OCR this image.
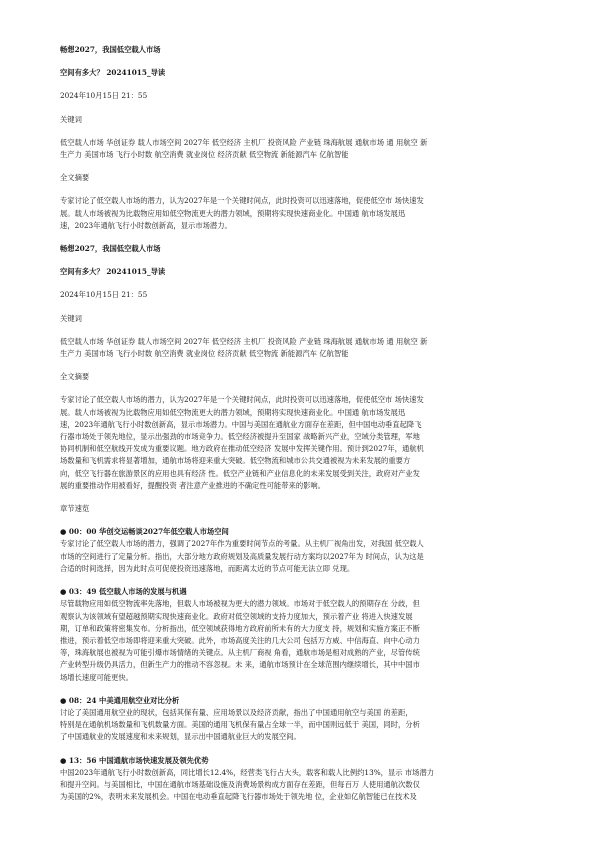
畅想2027，我国低空载人市场

空间有多大？ 20241015_导读

2024年10月15日 21：55

关键词

低空载人市场 华创证券 载人市场空间 2027年 低空经济 主机厂 投资风险 产业链 珠海航展 通航市场 通 用航空 新

生产力 美国市场 飞行小时数 航空消费 就业岗位 经济贡献 低空物流 新能源汽车 亿航智能

全文摘要

专家讨论了低空载人市场的潜力，认为2027年是一个关键时间点，此时投资可以迅速落地，促使低空市 场快速发

展。载人市场被视为比载物应用如低空物流更大的潜力领域，预期将实现快速商业化。中国通 航市场发展迅

速，2023年通航飞行小时数创新高，显示市场潜力。

畅想2027，我国低空载人市场

空间有多大？ 20241015_导读

2024年10月15日 21：55

关键词

低空载人市场 华创证券 载人市场空间 2027年 低空经济 主机厂 投资风险 产业链 珠海航展 通航市场 通 用航空 新

生产力 美国市场 飞行小时数 航空消费 就业岗位 经济贡献 低空物流 新能源汽车 亿航智能

全文摘要

专家讨论了低空载人市场的潜力，认为2027年是一个关键时间点，此时投资可以迅速落地，促使低空市 场快速发

展。载人市场被视为比载物应用如低空物流更大的潜力领域，预期将实现快速商业化。中国通 航市场发展迅

速，2023年通航飞行小时数创新高，显示市场潜力。中国与美国在通航业方面存在差距，但中国电动垂直起降飞

行器市场处于领先地位，显示出强劲的市场竞争力。低空经济被提升至国家 战略新兴产业，空域分类管理，军地

协同机制和低空航线开发成为重要议题。地方政府在推动低空经济 发展中发挥关键作用。预计到2027年，通航机

场数量和飞机需求将显著增加，通航市场将迎来重大突破。低空物流和城市公共交通被视为未来发展的重要方

向，低空飞行器在旅游景区的应用也具有经济 性。低空产业链和产业信息化的未来发展受到关注，政府对产业发

展的重要推动作用被看好，提醒投资 者注意产业推进的不确定性可能带来的影响。

章节速览

● 00：00 华创交运畅谈2027年低空载人市场空间

专家讨论了低空载人市场的潜力，强调了2027年作为重要时间节点的考量。从主机厂视角出发，对我国 低空载人

市场的空间进行了定量分析。指出，大部分地方政府规划及高质量发展行动方案均以2027年为 时间点，认为这是

合适的时间选择，因为此时点可促使投资迅速落地，而距离太近的节点可能无法立即 兑现。

● 03：49 低空载人市场的发展与机遇

尽管载物应用如低空物流率先落地，但载人市场被视为更大的潜力领域。市场对于低空载人的预期存在 分歧，但

观察认为该领域有望超越预期实现快速商业化。政府对低空领域的支持力度加大，预示着产业 将进入快速发展

期，订单和政策将密集发布。分析指出，低空领域获得地方政府前所未有的大力度支 持，规划和实施方案正不断

推进，预示着低空市场即将迎来重大突破。此外，市场高度关注的几大公司 包括万方威、中信海直、向中心动力

等，珠海航展也被视为可能引爆市场情绪的关键点。从主机厂商视 角看，通航市场是相对成熟的产业，尽管传统

产业转型升级仍具活力，但新生产力的推动不容忽视。未 来，通航市场预计在全球范围内继续增长，其中中国市

场增长速度可能更快。

● 08：24 中美通用航空业对比分析

讨论了美国通用航空业的现状，包括其保有量、应用场景以及经济贡献，指出了中国通用航空与美国 的差距，

特别是在通航机场数量和飞机数量方面。美国的通用飞机保有量占全球一半，而中国则远低于 美国，同时，分析

了中国通航业的发展速度和未来规划，显示出中国通航业巨大的发展空间。

● 13：56 中国通航市场快速发展及领先优势

中国2023年通航飞行小时数创新高，同比增长12.4%，经营类飞行占大头，载客和载人比例约13%，显示 市场潜力

和提升空间。与美国相比，中国在通航市场基础设施及消费场景构成方面存在差距，但每百万 人使用通航次数仅

为美国的2%，表明未来发展机会。中国在电动垂直起降飞行器市场处于领先地 位，企业如亿航智能已在技术及
